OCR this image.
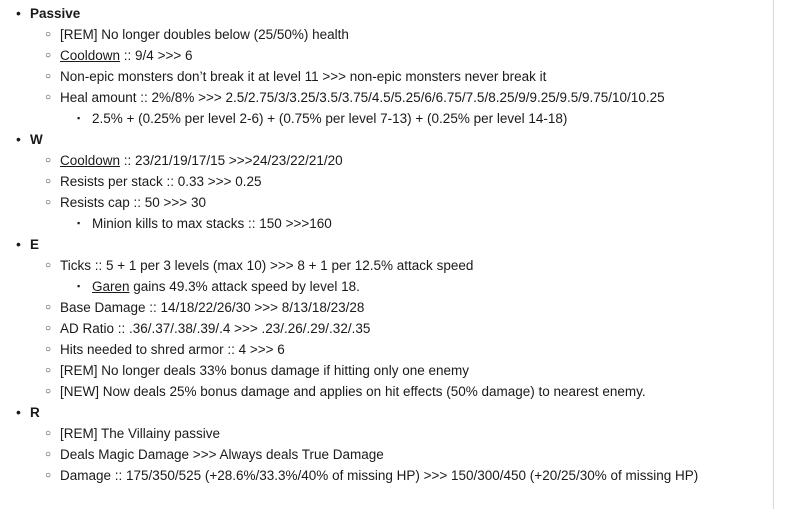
• Passive
○ [REM] No longer doubles below (25/50%) health
○ Cooldown :: 9/4 >>> 6
○ Non-epic monsters don’t break it at level 11 >>> non-epic monsters never break it
○ Heal amount :: 2%/8% >>> 2.5/2.75/3/3.25/3.5/3.75/4.5/5.25/6/6.75/7.5/8.25/9/9.25/9.5/9.75/10/10.25
▪ 2.5% + (0.25% per level 2-6) + (0.75% per level 7-13) + (0.25% per level 14-18)
• W
○ Cooldown :: 23/21/19/17/15 >>>24/23/22/21/20
○ Resists per stack :: 0.33 >>> 0.25
○ Resists cap :: 50 >>> 30
▪ Minion kills to max stacks :: 150 >>>160
• E
○ Ticks :: 5 + 1 per 3 levels (max 10) >>> 8 + 1 per 12.5% attack speed
▪ Garen gains 49.3% attack speed by level 18.
○ Base Damage :: 14/18/22/26/30 >>> 8/13/18/23/28
○ AD Ratio :: .36/.37/.38/.39/.4 >>> .23/.26/.29/.32/.35
○ Hits needed to shred armor :: 4 >>> 6
○ [REM] No longer deals 33% bonus damage if hitting only one enemy
○ [NEW] Now deals 25% bonus damage and applies on hit effects (50% damage) to nearest enemy.
• R
○ [REM] The Villainy passive
○ Deals Magic Damage >>> Always deals True Damage
○ Damage :: 175/350/525 (+28.6%/33.3%/40% of missing HP) >>> 150/300/450 (+20/25/30% of missing HP)
